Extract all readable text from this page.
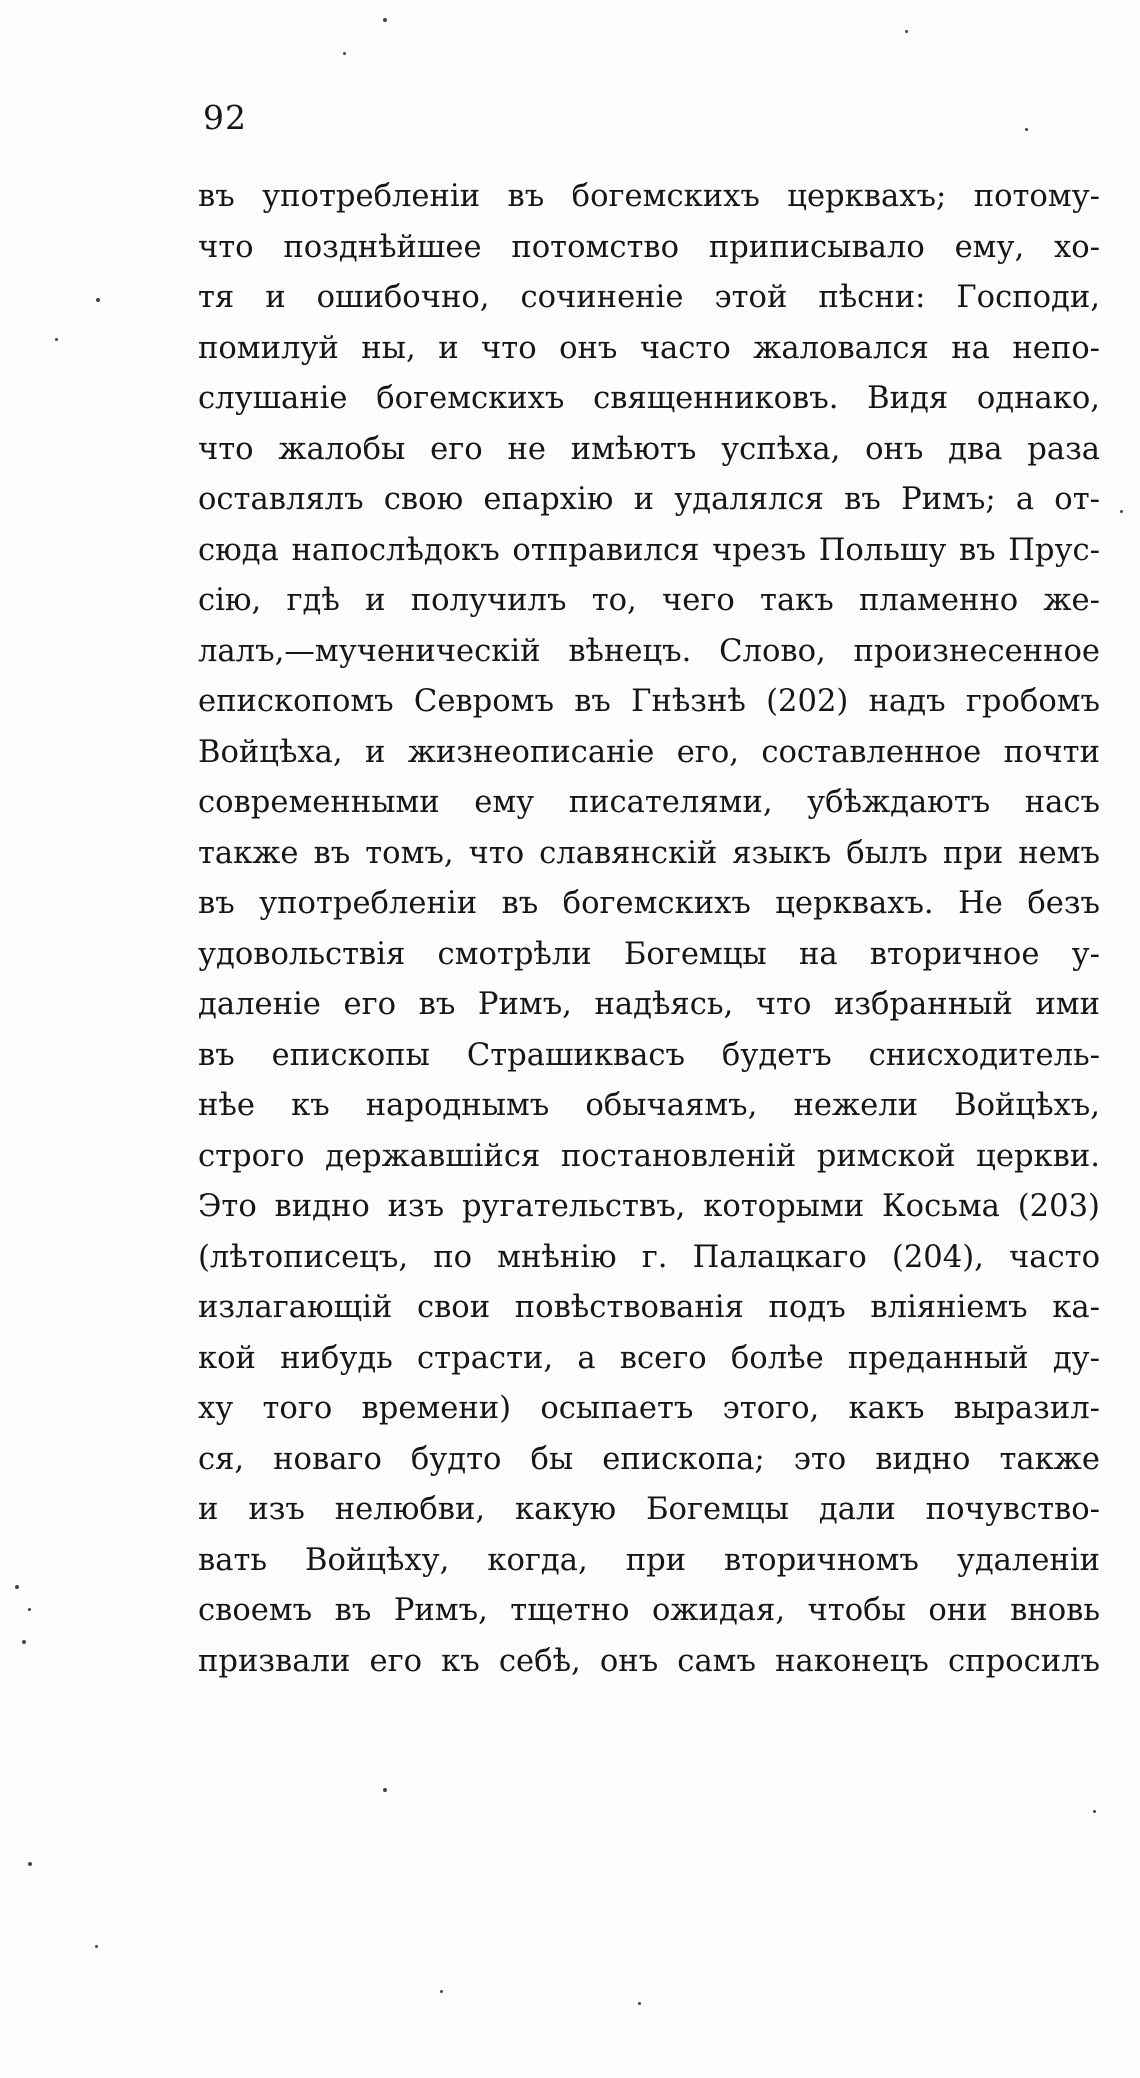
92
въ употребленіи въ богемскихъ церквахъ; потому-
что позднѣйшее потомство приписывало ему, хо-
тя и ошибочно, сочиненіе этой пѣсни: Господи,
помилуй ны, и что онъ часто жаловался на непо-
слушаніе богемскихъ священниковъ. Видя однако,
что жалобы его не имѣютъ успѣха, онъ два раза
оставлялъ свою епархію и удалялся въ Римъ; а от-
сюда напослѣдокъ отправился чрезъ Польшу въ Прус-
сію, гдѣ и получилъ то, чего такъ пламенно же-
лалъ,—мученическій вѣнецъ. Слово, произнесенное
епископомъ Севромъ въ Гнѣзнѣ (202) надъ гробомъ
Войцѣха, и жизнеописаніе его, составленное почти
современными ему писателями, убѣждаютъ насъ
также въ томъ, что славянскій языкъ былъ при немъ
въ употребленіи въ богемскихъ церквахъ. Не безъ
удовольствія смотрѣли Богемцы на вторичное у-
даленіе его въ Римъ, надѣясь, что избранный ими
въ епископы Страшиквасъ будетъ снисходитель-
нѣе къ народнымъ обычаямъ, нежели Войцѣхъ,
строго державшійся постановленій римской церкви.
Это видно изъ ругательствъ, которыми Косьма (203)
(лѣтописецъ, по мнѣнію г. Палацкаго (204), часто
излагающій свои повѣствованія подъ вліяніемъ ка-
кой нибудь страсти, а всего болѣе преданный ду-
ху того времени) осыпаетъ этого, какъ выразил-
ся, новаго будто бы епископа; это видно также
и изъ нелюбви, какую Богемцы дали почувство-
вать Войцѣху, когда, при вторичномъ удаленіи
своемъ въ Римъ, тщетно ожидая, чтобы они вновь
призвали его къ себѣ, онъ самъ наконецъ спросилъ
